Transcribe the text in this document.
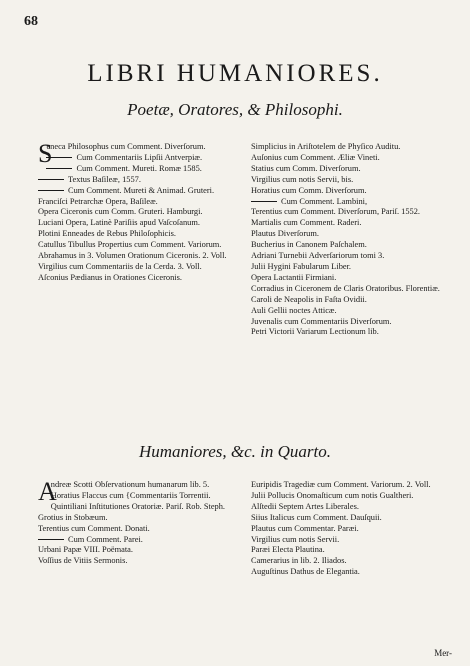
68
LIBRI HUMANIORES.
Poetæ, Oratores, & Philosophi.

S
eneca Philosophus cum Comment. Diverſorum.

Cum Commentariis Lipſii Antverpiæ.

Cum Comment. Mureti. Romæ 1585.

Textus Baſileæ, 1557.

Cum Comment. Mureti & Animad. Gruteri.

Franciſci Petrarchæ Opera, Baſileæ.

Opera Ciceronis cum Comm. Gruteri. Hamburgi.

Luciani Opera, Latinè Pariſiis apud Vaſcoſanum.

Plotini Enneades de Rebus Philoſophicis.

Catullus Tibullus Propertius cum Comment. Variorum.

Abrahamus in 3. Volumen Orationum Ciceronis. 2. Voll.

Virgilius cum Commentariis de la Cerda. 3. Voll.

Aſconius Pædianus in Orationes Ciceronis.

Simplicius in Ariſtotelem de Phyſico Auditu.

Auſonius cum Comment. Æliæ Vineti.

Statius cum Comm. Diverſorum.

Virgilius cum notis Servii, bis.

Horatius cum Comm. Diverſorum.

Cum Comment. Lambini,

Terentius cum Comment. Diverſorum, Pariſ. 1552.

Martialis cum Comment. Raderi.

Plautus Diverſorum.

Bucherius in Canonem Paſchalem.

Adriani Turnebii Adverſariorum tomi 3.

Julii Hygini Fabularum Liber.

Opera Lactantii Firmiani.

Corradius in Ciceronem de Claris Oratoribus. Florentiæ.

Caroli de Neapolis in Faſta Ovidii.

Auli Gellii noctes Atticæ.

Juvenalis cum Commentariis Diverſorum.

Petri Victorii Variarum Lectionum lib.

Humaniores, &c. in Quarto.

A
ndreæ Scotti Obſervationum humanarum lib. 5.

Horatius Flaccus cum {Commentariis Torrentii.

Quintiliani Inſtitutiones Oratoriæ. Pariſ. Rob. Steph.

Grotius in Stobæum.

Terentius cum Comment. Donati.

Cum Comment. Parei.

Urbani Papæ VIII. Poëmata.

Voſſius de Vitiis Sermonis.

Euripidis Tragediæ cum Comment. Variorum. 2. Voll.

Julii Pollucis Onomaſticum cum notis Gualtheri.

Alſtedii Septem Artes Liberales.

Siius Italicus cum Comment. Dauſquii.

Plautus cum Commentar. Paræi.

Virgilius cum notis Servii.

Paræi Electa Plautina.

Camerarius in lib. 2. Iliados.

Auguſtinus Dathus de Elegantia.

Mer-
